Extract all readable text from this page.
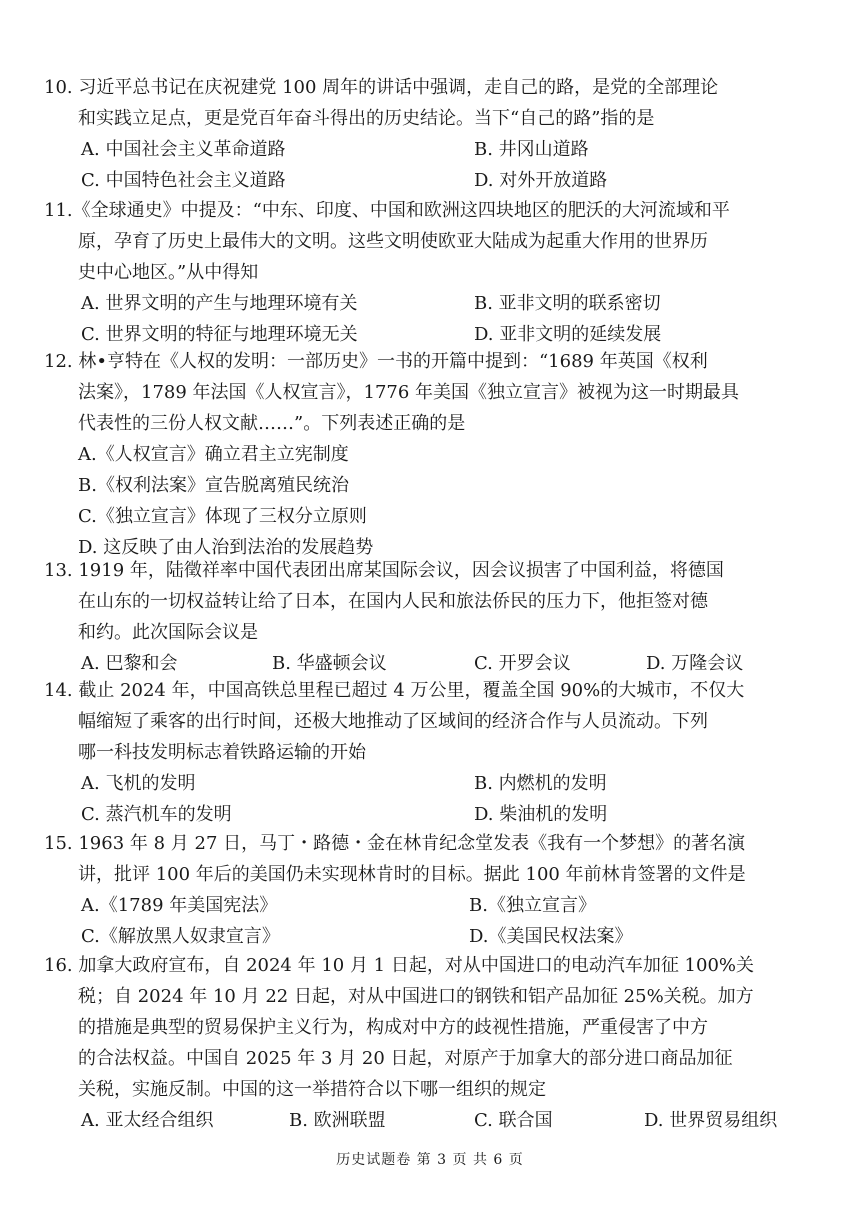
10. 习近平总书记在庆祝建党 100 周年的讲话中强调，走自己的路，是党的全部理论
和实践立足点，更是党百年奋斗得出的历史结论。当下“自己的路”指的是
A. 中国社会主义革命道路	B. 井冈山道路
C. 中国特色社会主义道路	D. 对外开放道路
11.《全球通史》中提及：“中东、印度、中国和欧洲这四块地区的肥沃的大河流域和平
原，孕育了历史上最伟大的文明。这些文明使欧亚大陆成为起重大作用的世界历
史中心地区。”从中得知
A. 世界文明的产生与地理环境有关	B. 亚非文明的联系密切
C. 世界文明的特征与地理环境无关	D. 亚非文明的延续发展
12. 林•亨特在《人权的发明：一部历史》一书的开篇中提到：“1689 年英国《权利
法案》，1789 年法国《人权宣言》，1776 年美国《独立宣言》被视为这一时期最具
代表性的三份人权文献……”。下列表述正确的是
A.《人权宣言》确立君主立宪制度
B.《权利法案》宣告脱离殖民统治
C.《独立宣言》体现了三权分立原则
D. 这反映了由人治到法治的发展趋势
13. 1919 年，陆徵祥率中国代表团出席某国际会议，因会议损害了中国利益，将德国
在山东的一切权益转让给了日本，在国内人民和旅法侨民的压力下，他拒签对德
和约。此次国际会议是
A. 巴黎和会	B. 华盛顿会议	C. 开罗会议	D. 万隆会议
14. 截止 2024 年，中国高铁总里程已超过 4 万公里，覆盖全国 90%的大城市，不仅大
幅缩短了乘客的出行时间，还极大地推动了区域间的经济合作与人员流动。下列
哪一科技发明标志着铁路运输的开始
A. 飞机的发明	B. 内燃机的发明
C. 蒸汽机车的发明	D. 柴油机的发明
15. 1963 年 8 月 27 日，马丁・路德・金在林肯纪念堂发表《我有一个梦想》的著名演
讲，批评 100 年后的美国仍未实现林肯时的目标。据此 100 年前林肯签署的文件是
A.《1789 年美国宪法》	B.《独立宣言》
C.《解放黑人奴隶宣言》	D.《美国民权法案》
16. 加拿大政府宣布，自 2024 年 10 月 1 日起，对从中国进口的电动汽车加征 100%关
税；自 2024 年 10 月 22 日起，对从中国进口的钢铁和铝产品加征 25%关税。加方
的措施是典型的贸易保护主义行为，构成对中方的歧视性措施，严重侵害了中方
的合法权益。中国自 2025 年 3 月 20 日起，对原产于加拿大的部分进口商品加征
关税，实施反制。中国的这一举措符合以下哪一组织的规定
A. 亚太经合组织	B. 欧洲联盟	C. 联合国	D. 世界贸易组织
历史试题卷 第 3 页 共 6 页
